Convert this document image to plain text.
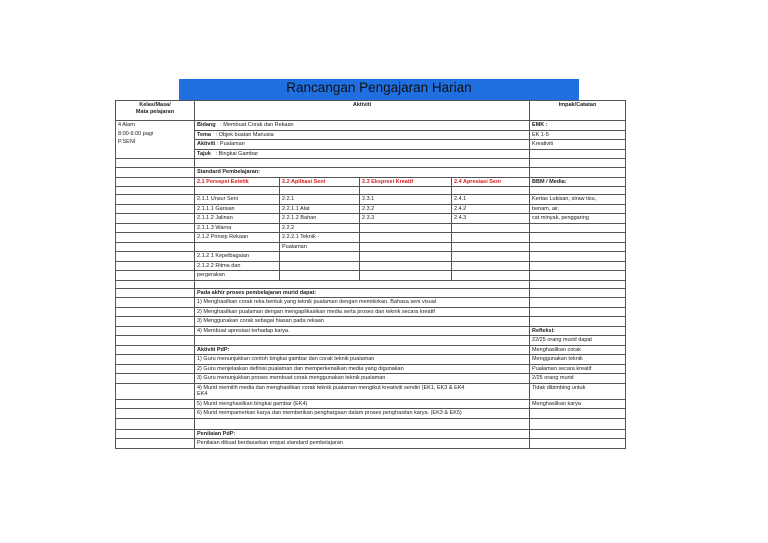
Rancangan Pengajaran Harian
Kelas/Masa/
Mata pelajaran	Aktiviti				Impak/Catatan

4 Alam
8:00-9.00 pagi
P.SENI	Bidang : Membuat Corak dan Rekaan				EMK :
	Tema : Objek buatan Manusia				EK 1-5
	Aktiviti : Pualaman				Kreativiti
	Tajuk : Bingkai Gambar				

	Standard Pembelajaran:				
	2.1 Persepsi Estetik	2.2 Aplikasi Seni	2.3 Ekspresi Kreatif	2.4 Apresiasi Seni	BBM / Media:

	2.1.1 Unsur Seni	2.2.1	2.3.1	2.4.1	Kertas Lukisan, straw tisu,
	2.1.1.1 Garisan	2.2.1.1 Alat	2.3.2	2.4.2	benam, air,
	2.1.1.2 Jalinan	2.2.1.2 Bahan	2.3.3	2.4.3	cat minyak, penggaring
	2.1.1.3 Warna	2.2.2			
	2.1.2 Prinsip Rekaan	2.2.2.1 Teknik -			
		Pualaman			
	2.1.2.1 Kepelbagaian				
	2.1.2.2 Ritma dan				
	pergerakan				

	Pada akhir proses pembelajaran murid dapat:				
	1) Menghasilkan corak reka bentuk yang teknik pualaman dengan memikirkan. Bahasa seni visual				
	2) Menghasilkan pualaman dengan mengaplikasikan media serta proses dan teknik secara kreatif				
	3) Menggunakan corak sebagai hiasan pada rekaan				
	4) Membuat apresiasi terhadap karya.				Refleksi:
					22/25 orang murid dapat
	Aktiviti PdP:				Menghasilkan corak
	1) Guru menunjukkan contoh bingkai gambar dan corak teknik pualaman				Menggunakan teknik
	2) Guru menjelaskan definisi pualaman dan memperkenalkan media yang digunakan				Pualaman secara kreatif
	3) Guru menunjukkan proses membuat corak menggunakan teknik pualaman				2/25 orang murid

	4) Murid memilih media dan menghasilkan corak teknik pualaman mengikut kreativiti sendiri (EK1, EK3 & EK4
EK4				Tidak dibimbing untuk
	5) Murid menghasilkan bingkai gambar (EK4)				Menghasilkan karya
	6) Murid mempamerkan karya dan memberikan penghargaan dalam proses penghasilan karya. (EK3 & EK5)				

	Penilaian PdP:				
	Penilaian dibuat berdasarkan empat standard pembelajaran				
